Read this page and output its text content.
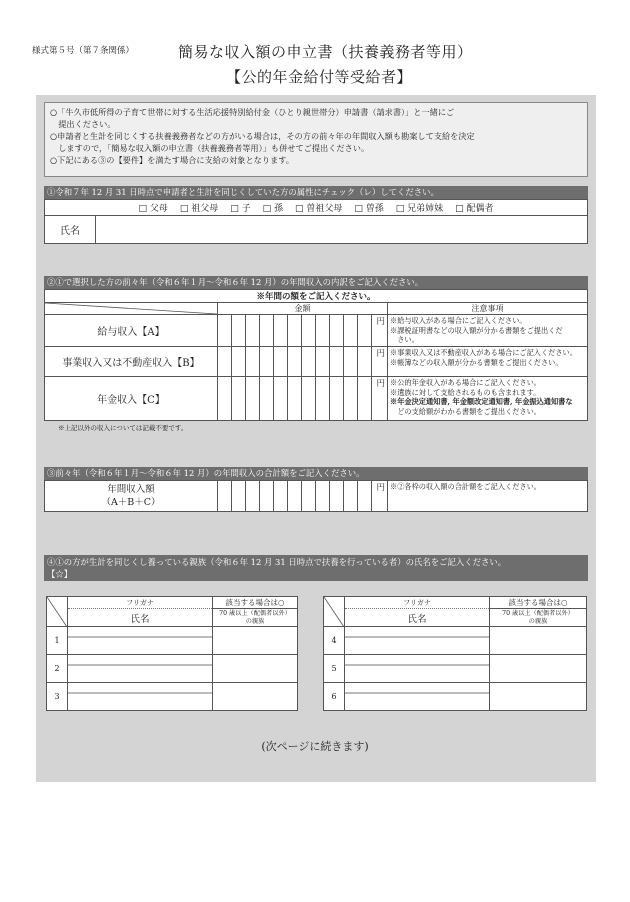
様式第５号（第７条関係）	簡易な収入額の申立書（扶養義務者等用）
【公的年金給付等受給者】
○「牛久市低所得の子育て世帯に対する生活応援特別給付金（ひとり親世帯分）申請書（請求書）」と一緒にご
　提出ください。
○申請者と生計を同じくする扶養義務者などの方がいる場合は，その方の前々年の年間収入額も勘案して支給を決定
　しますので，「簡易な収入額の申立書（扶養義務者等用）」も併せてご提出ください。
○下記にある③の【要件】を満たす場合に支給の対象となります。
①令和７年 12 月 31 日時点で申請者と生計を同じくしていた方の属性にチェック（レ）してください。
□ 父母 □ 祖父母 □ 子 □ 孫 □ 曽祖父母 □ 曽孫 □ 兄弟姉妹 □ 配偶者
氏名
②①で選択した方の前々年（令和６年１月～令和６年 12 月）の年間収入の内訳をご記入ください。
※年間の額をご記入ください。													

	金額												注意事項
給与収入【A】												円	※給与収入がある場合にご記入ください。
※課税証明書などの収入額が分かる書類をご提出くだ
　さい。

事業収入又は不動産収入【B】												円	※事業収入又は不動産収入がある場合にご記入ください。
※帳簿などの収入額が分かる書類をご提出ください。

年金収入【C】												円	※公的年金収入がある場合にご記入ください。
※遺族に対して支給されるものも含まれます。
※年金決定通知書, 年金額改定通知書, 年金振込通知書な
　どの支給額がわかる書類をご提出ください。
※上記以外の収入については記載不要です。
③前々年（令和６年１月～令和６年 12 月）の年間収入の合計額をご記入ください。
年間収入額
（A＋B＋C）
												円	※②各枠の収入額の合計額をご記入ください。
④①の方が生計を同じくし養っている親族（令和６年 12 月 31 日時点で扶養を行っている者）の氏名をご記入ください。
【☆】
	フリガナ	該当する場合は○
	氏名	70 歳以上（配偶者以外）
の親族

1		
2		
3		
	フリガナ	該当する場合は○
	氏名	70 歳以上（配偶者以外）
の親族

4		
5		
6		
(次ページに続きます)
